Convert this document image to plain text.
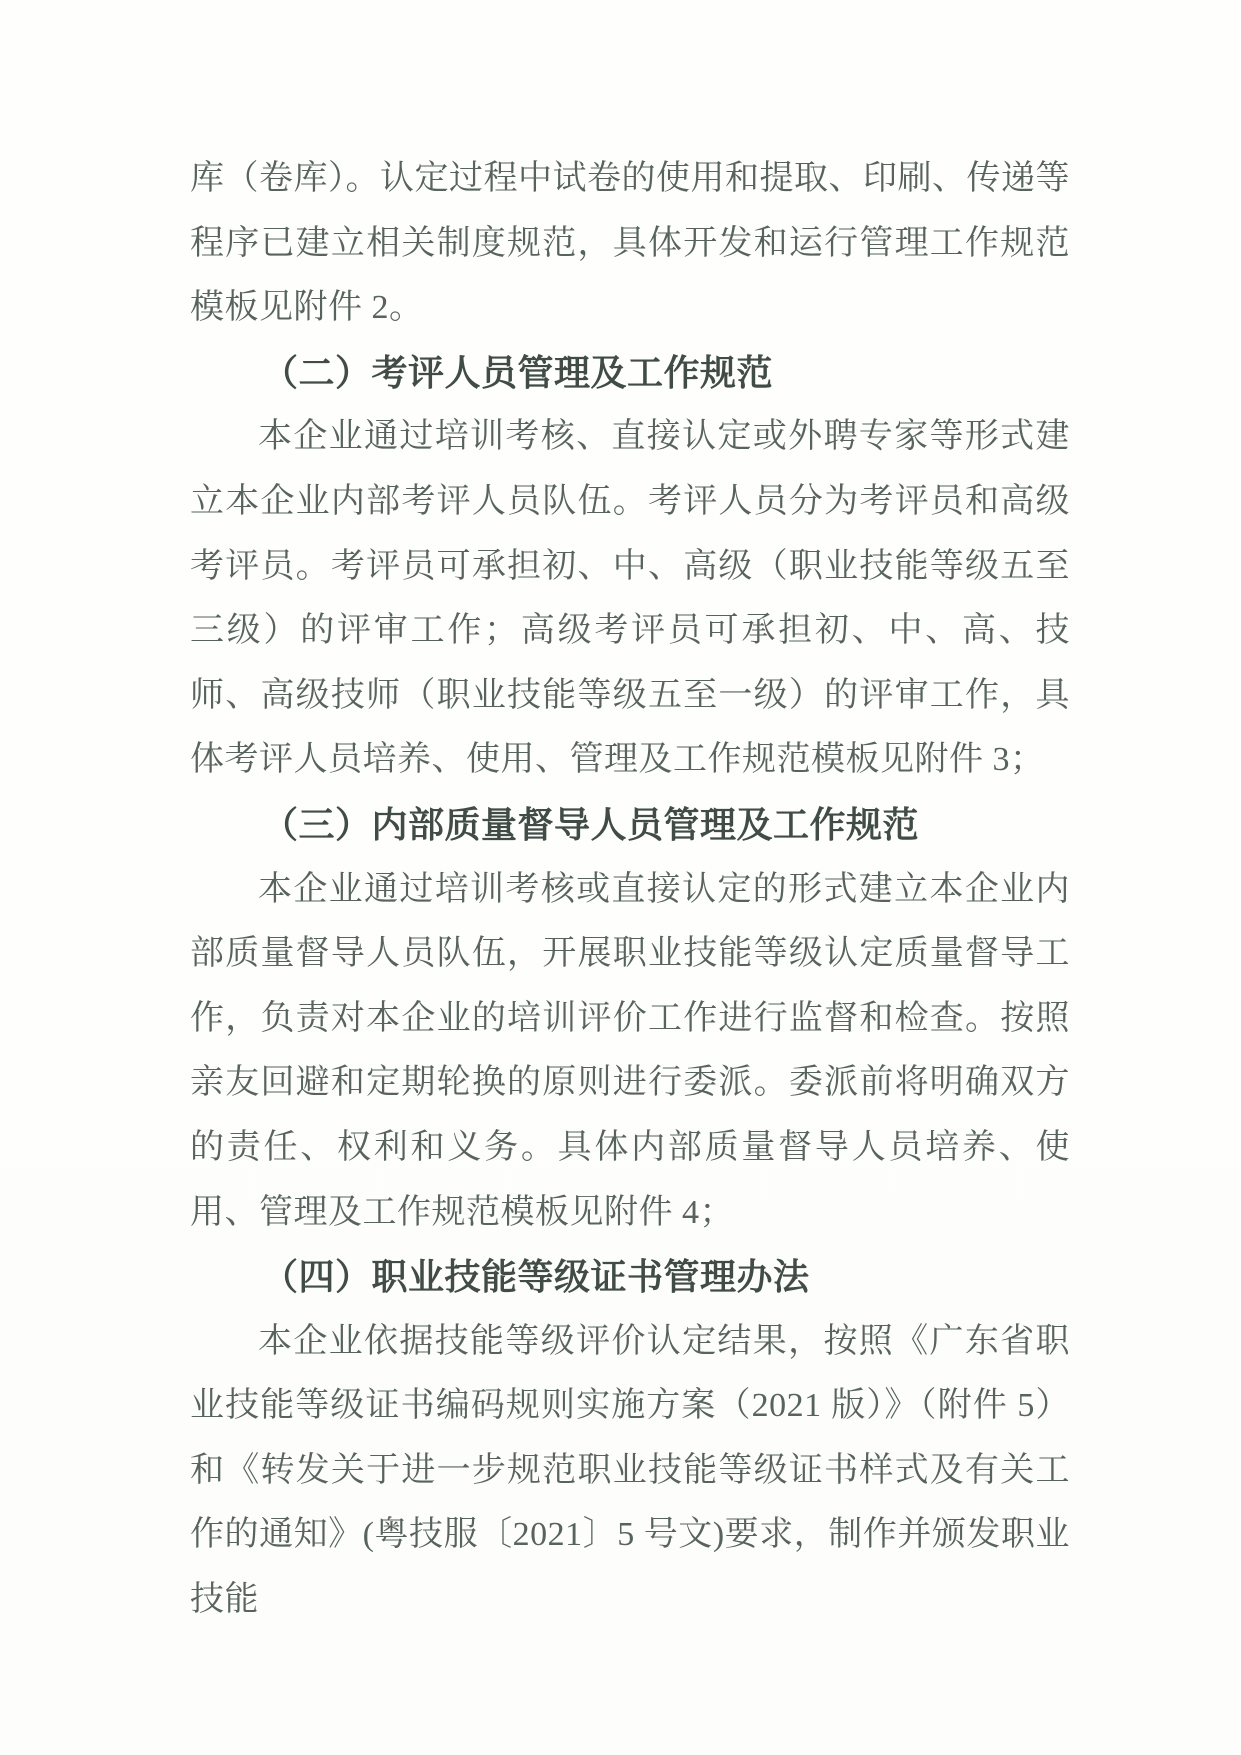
库（卷库）。认定过程中试卷的使用和提取、印刷、传递等程序已建立相关制度规范，具体开发和运行管理工作规范模板见附件 2。

（二）考评人员管理及工作规范

本企业通过培训考核、直接认定或外聘专家等形式建立本企业内部考评人员队伍。考评人员分为考评员和高级考评员。考评员可承担初、中、高级（职业技能等级五至三级）的评审工作；高级考评员可承担初、中、高、技师、高级技师（职业技能等级五至一级）的评审工作，具体考评人员培养、使用、管理及工作规范模板见附件 3；

（三）内部质量督导人员管理及工作规范

本企业通过培训考核或直接认定的形式建立本企业内部质量督导人员队伍，开展职业技能等级认定质量督导工作，负责对本企业的培训评价工作进行监督和检查。按照亲友回避和定期轮换的原则进行委派。委派前将明确双方的责任、权利和义务。具体内部质量督导人员培养、使用、管理及工作规范模板见附件 4；

（四）职业技能等级证书管理办法

本企业依据技能等级评价认定结果，按照《广东省职业技能等级证书编码规则实施方案（2021 版）》（附件 5）和《转发关于进一步规范职业技能等级证书样式及有关工作的通知》(粤技服〔2021〕5 号文)要求，制作并颁发职业技能
